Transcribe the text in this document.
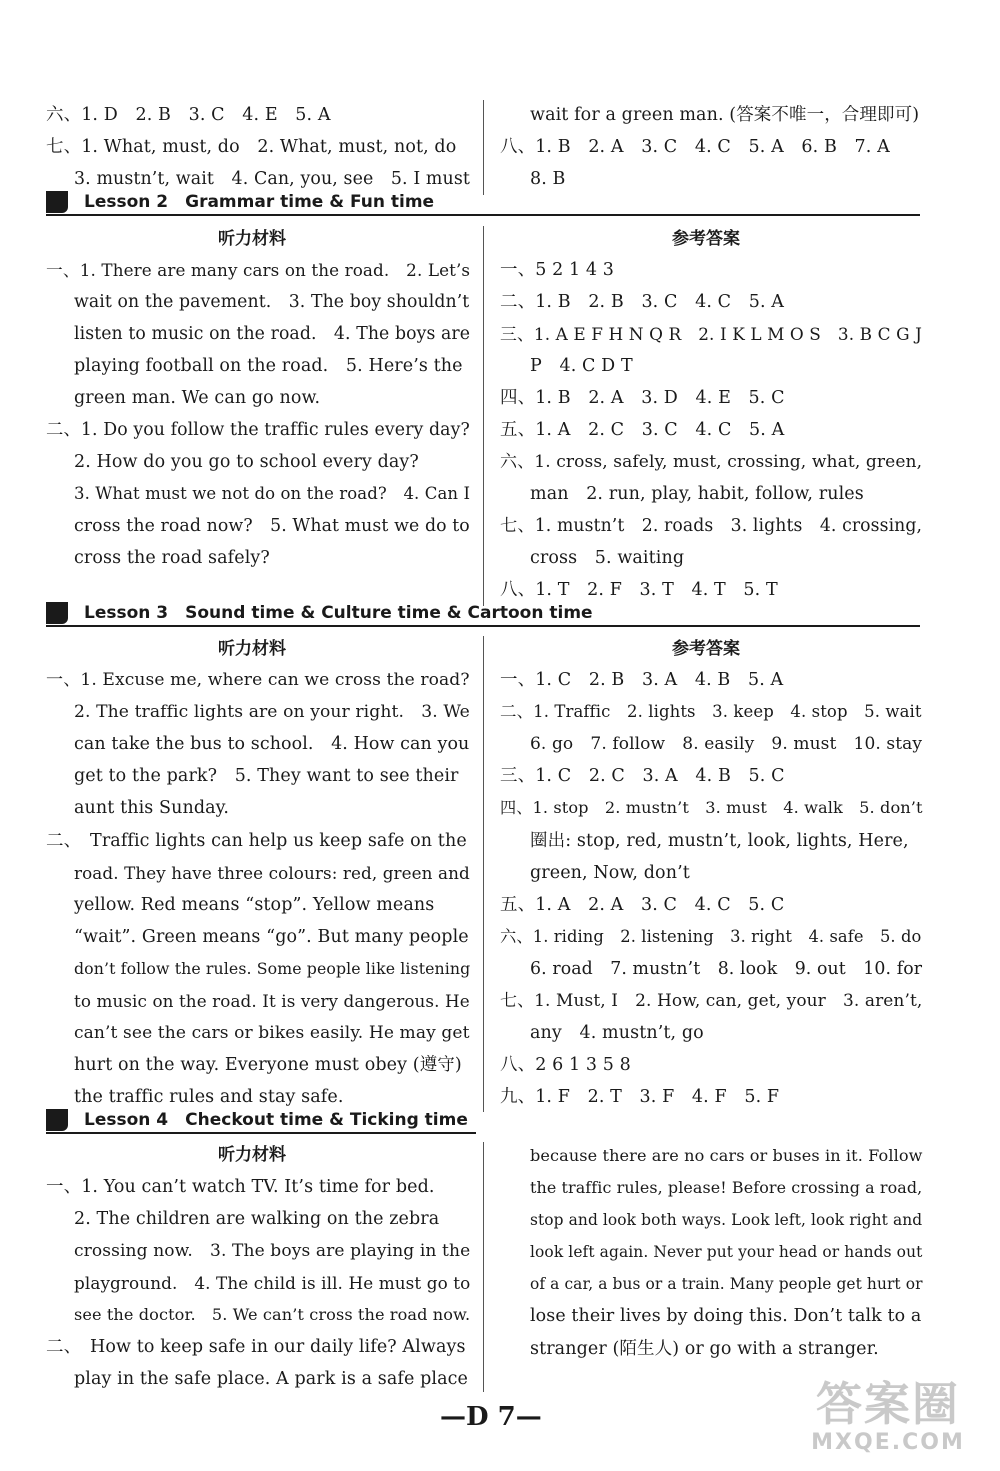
六、1. D　2. B　3. C　4. E　5. A

七、1. What, must, do　2. What, must, not, do

3. mustn’t, wait　4. Can, you, see　5. I must

wait for a green man. (答案不唯一，合理即可)

八、1. B　2. A　3. C　4. C　5. A　6. B　7. A

8. B

Lesson 2　Grammar time & Fun time

听力材料	参考答案

一、1. There are many cars on the road.　2. Let’s

wait on the pavement.　3. The boy shouldn’t

listen to music on the road.　4. The boys are

playing football on the road.　5. Here’s the

green man. We can go now.

二、1. Do you follow the traffic rules every day?

2. How do you go to school every day?

3. What must we not do on the road?　4. Can I

cross the road now?　5. What must we do to

cross the road safely?

一、5 2 1 4 3

二、1. B　2. B　3. C　4. C　5. A

三、1. A E F H N Q R　2. I K L M O S　3. B C G J

P　4. C D T

四、1. B　2. A　3. D　4. E　5. C

五、1. A　2. C　3. C　4. C　5. A

六、1. cross, safely, must, crossing, what, green,

man　2. run, play, habit, follow, rules

七、1. mustn’t　2. roads　3. lights　4. crossing,

cross　5. waiting

八、1. T　2. F　3. T　4. T　5. T

Lesson 3　Sound time & Culture time & Cartoon time

听力材料	参考答案

一、1. Excuse me, where can we cross the road?

2. The traffic lights are on your right.　3. We

can take the bus to school.　4. How can you

get to the park?　5. They want to see their

aunt this Sunday.

二、　Traffic lights can help us keep safe on the

road. They have three colours: red, green and

yellow. Red means “stop”. Yellow means

“wait”. Green means “go”. But many people

don’t follow the rules. Some people like listening

to music on the road. It is very dangerous. He

can’t see the cars or bikes easily. He may get

hurt on the way. Everyone must obey (遵守)

the traffic rules and stay safe.

一、1. C　2. B　3. A　4. B　5. A

二、1. Traffic　2. lights　3. keep　4. stop　5. wait

6. go　7. follow　8. easily　9. must　10. stay

三、1. C　2. C　3. A　4. B　5. C

四、1. stop　2. mustn’t　3. must　4. walk　5. don’t

圈出: stop, red, mustn’t, look, lights, Here,

green, Now, don’t

五、1. A　2. A　3. C　4. C　5. C

六、1. riding　2. listening　3. right　4. safe　5. do

6. road　7. mustn’t　8. look　9. out　10. for

七、1. Must, I　2. How, can, get, your　3. aren’t,

any　4. mustn’t, go

八、2 6 1 3 5 8

九、1. F　2. T　3. F　4. F　5. F

Lesson 4　Checkout time & Ticking time

听力材料

一、1. You can’t watch TV. It’s time for bed.

2. The children are walking on the zebra

crossing now.　3. The boys are playing in the

playground.　4. The child is ill. He must go to

see the doctor.　5. We can’t cross the road now.

二、　How to keep safe in our daily life? Always

play in the safe place. A park is a safe place

because there are no cars or buses in it. Follow

the traffic rules, please! Before crossing a road,

stop and look both ways. Look left, look right and

look left again. Never put your head or hands out

of a car, a bus or a train. Many people get hurt or

lose their lives by doing this. Don’t talk to a

stranger (陌生人) or go with a stranger.

—D 7—	答案圈
MXQE.COM
